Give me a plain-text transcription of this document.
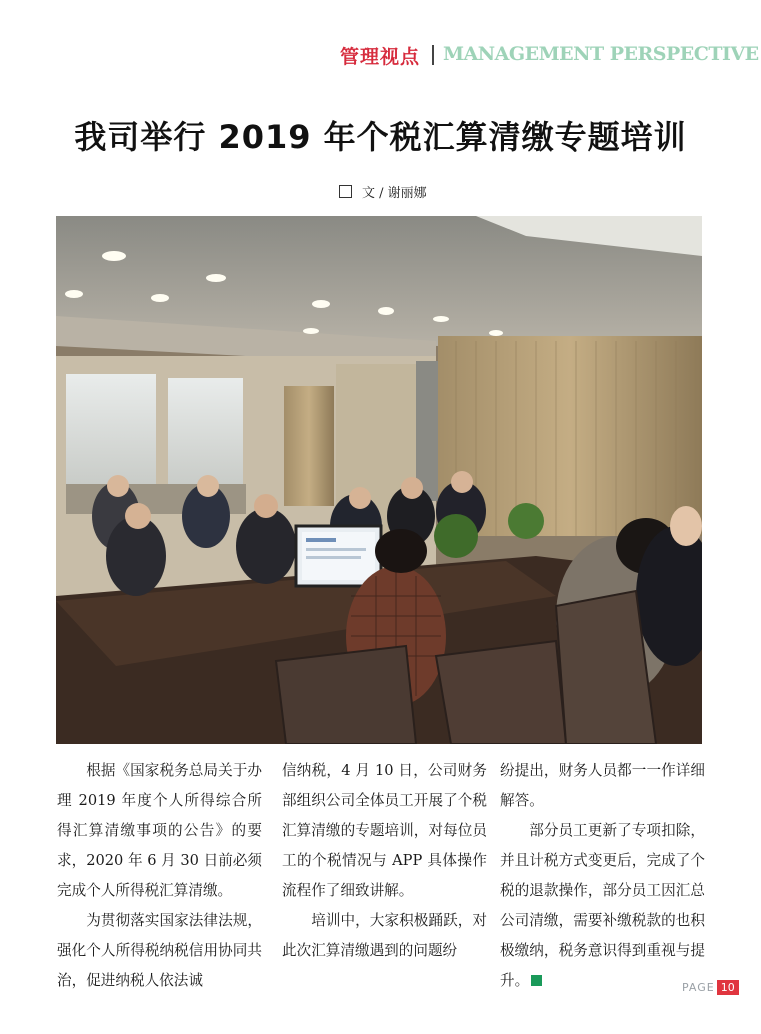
管理视点 MANAGEMENT PERSPECTIVE
我司举行 2019 年个税汇算清缴专题培训
文 / 谢丽娜

根据《国家税务总局关于办理 2019 年度个人所得综合所得汇算清缴事项的公告》的要求，2020 年 6 月 30 日前必须完成个人所得税汇算清缴。

为贯彻落实国家法律法规，强化个人所得税纳税信用协同共治，促进纳税人依法诚

信纳税，4 月 10 日，公司财务部组织公司全体员工开展了个税汇算清缴的专题培训，对每位员工的个税情况与 APP 具体操作流程作了细致讲解。

培训中，大家积极踊跃，对此次汇算清缴遇到的问题纷

纷提出，财务人员都一一作详细解答。

部分员工更新了专项扣除，并且计税方式变更后，完成了个税的退款操作，部分员工因汇总公司清缴，需要补缴税款的也积极缴纳，税务意识得到重视与提升。	PAGE 10
